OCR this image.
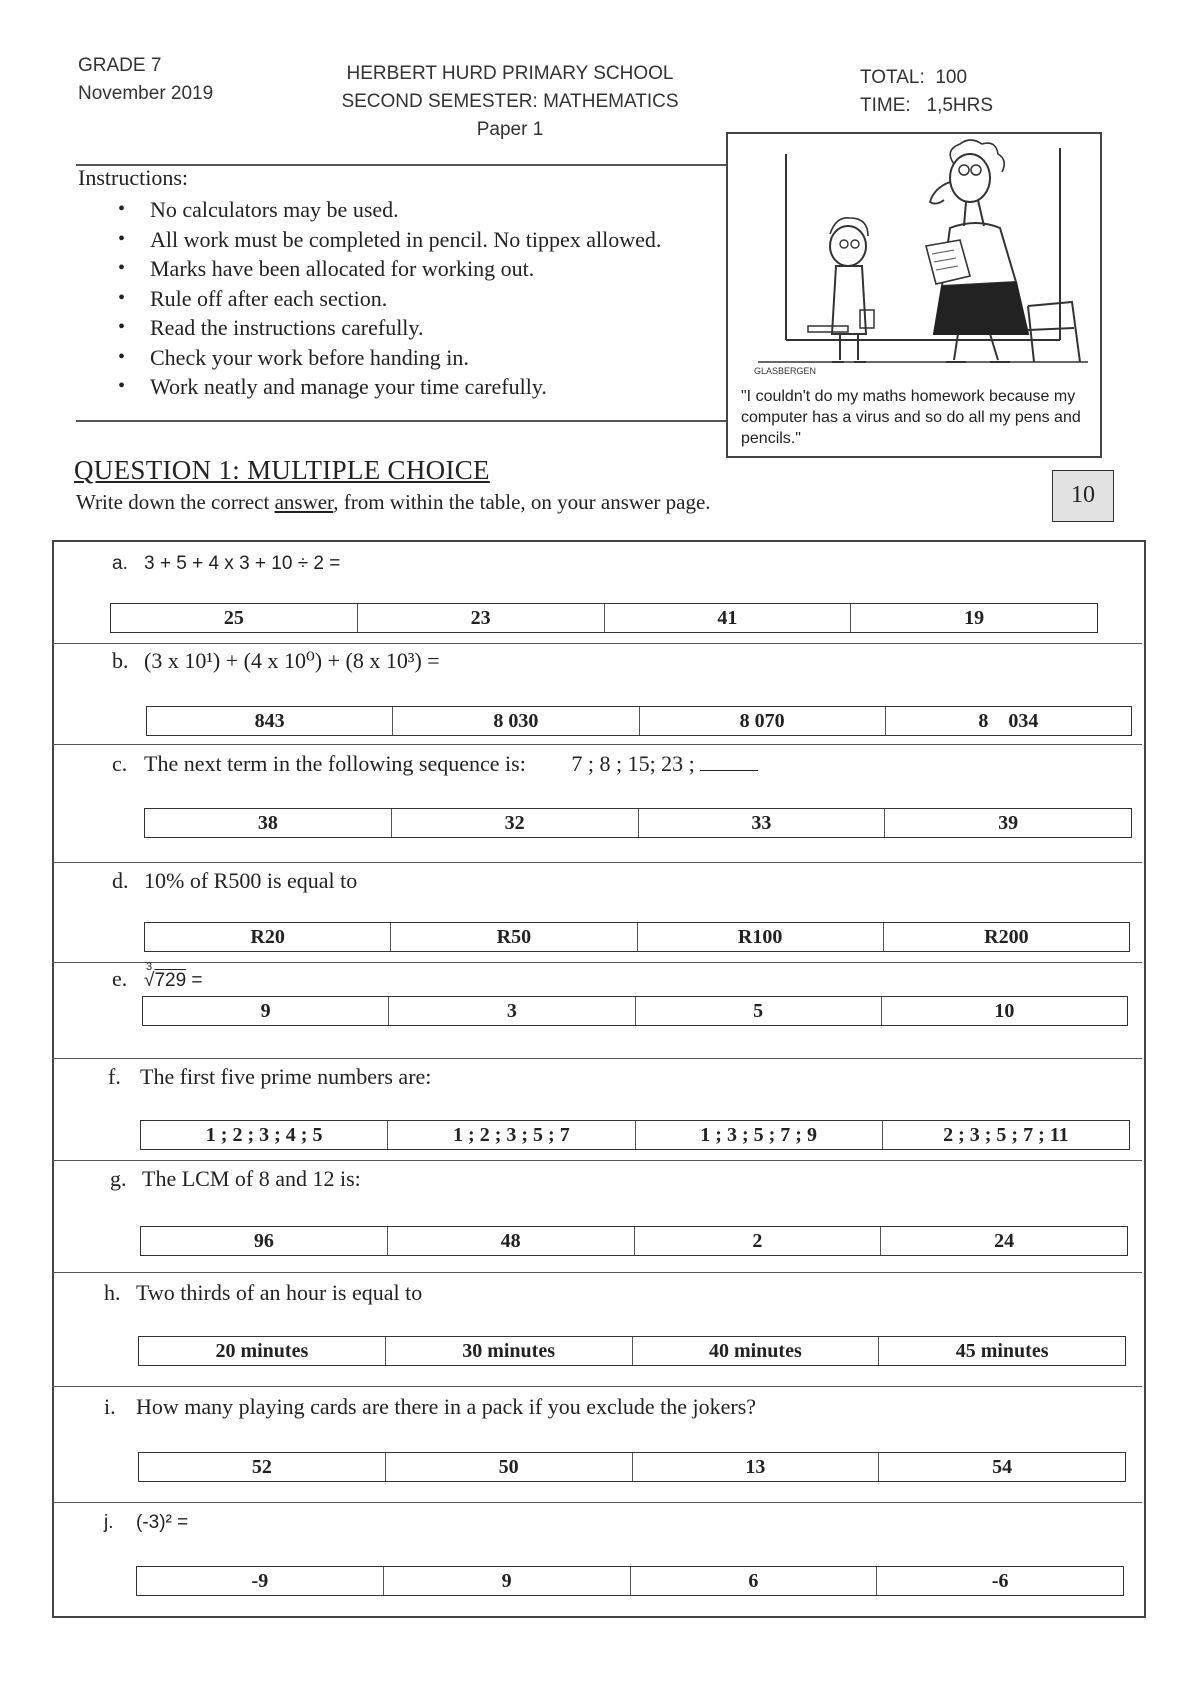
GRADE 7
November 2019
HERBERT HURD PRIMARY SCHOOL
SECOND SEMESTER: MATHEMATICS
Paper 1
TOTAL: 100
TIME: 1,5HRS
Instructions:
• No calculators may be used.
• All work must be completed in pencil. No tippex allowed.
• Marks have been allocated for working out.
• Rule off after each section.
• Read the instructions carefully.
• Check your work before handing in.
• Work neatly and manage your time carefully.
GLASBERGEN
"I couldn't do my maths homework because my computer has a virus and so do all my pens and pencils."
QUESTION 1: MULTIPLE CHOICE
Write down the correct answer, from within the table, on your answer page.	10
a. 3 + 5 + 4 x 3 + 10 ÷ 2 =
25	23	41	19
b. (3 x 10¹) + (4 x 10⁰) + (8 x 10³) =
843	8 030	8 070	8    034
c. The next term in the following sequence is: 7 ; 8 ; 15; 23 ;
38	32	33	39
d. 10% of R500 is equal to
R20	R50	R100	R200
e. 3
√729 =
9	3	5	10
f. The first five prime numbers are:
1 ; 2 ; 3 ; 4 ; 5	1 ; 2 ; 3 ; 5 ; 7	1 ; 3 ; 5 ; 7 ; 9	2 ; 3 ; 5 ; 7 ; 11
g. The LCM of 8 and 12 is:
96	48	2	24
h. Two thirds of an hour is equal to
20 minutes	30 minutes	40 minutes	45 minutes
i. How many playing cards are there in a pack if you exclude the jokers?
52	50	13	54
j. (-3)² =
-9	9	6	-6
